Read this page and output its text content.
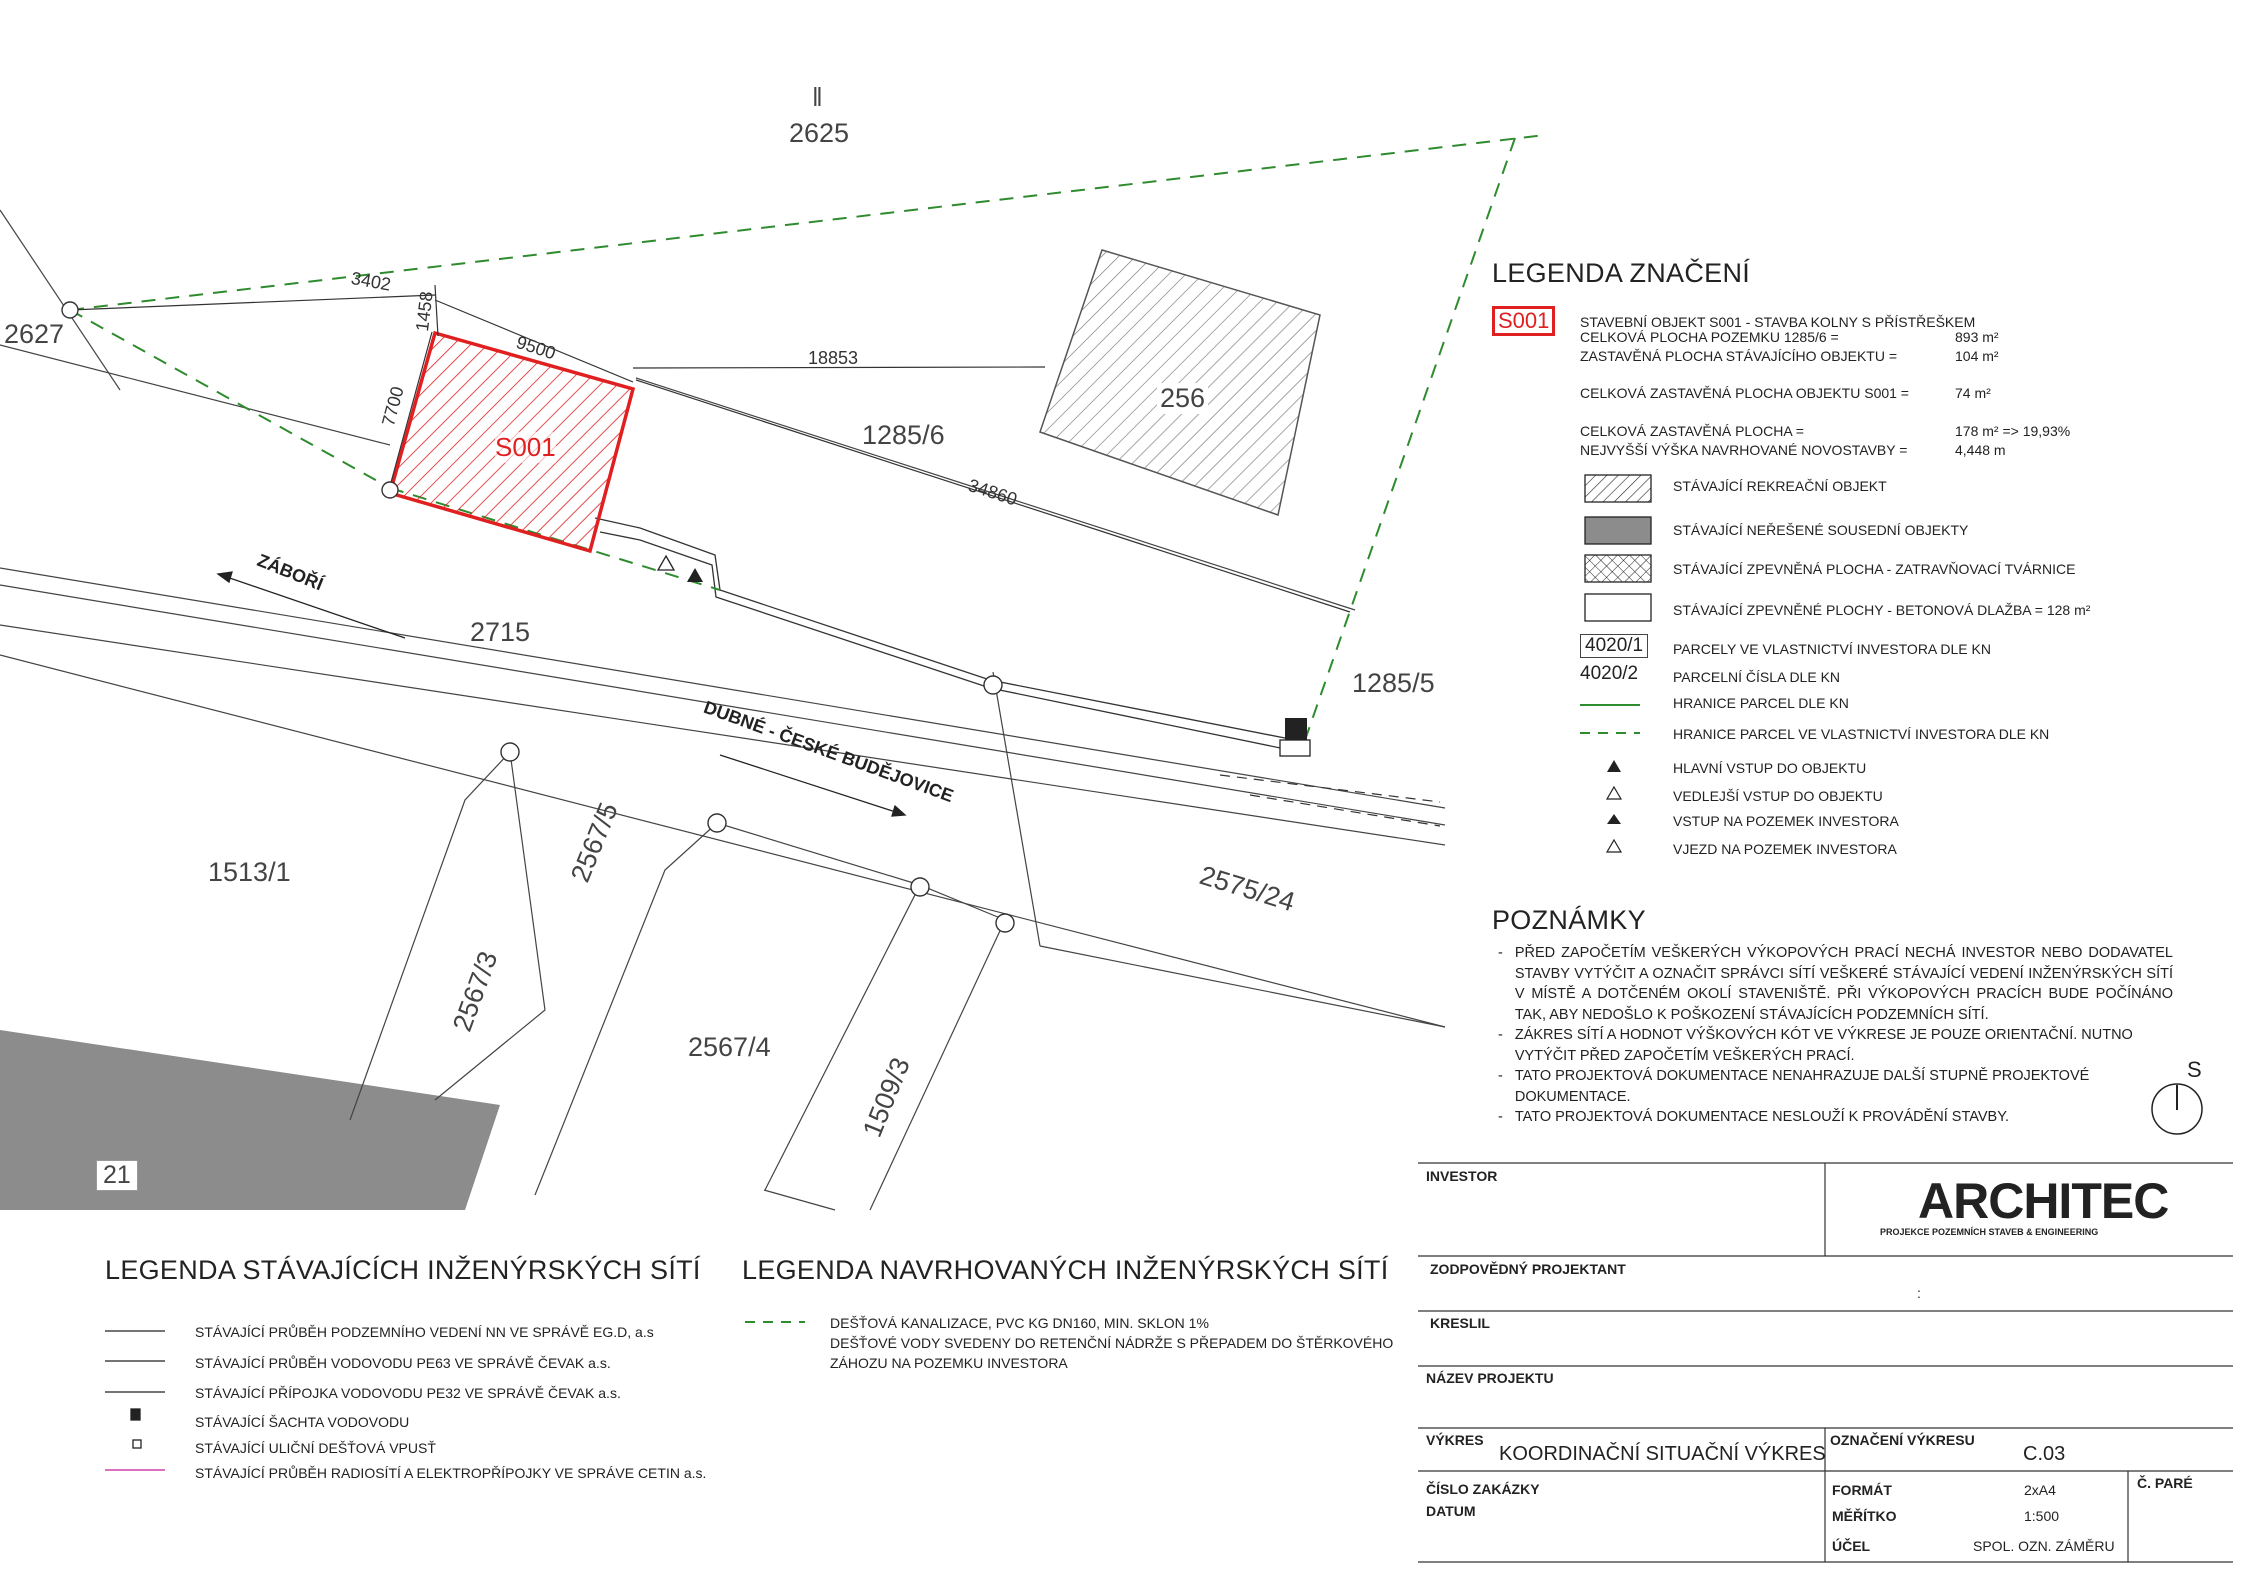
ǁ
2625
2627
256
1285/6
2715
1285/5
1513/1	2567/5
2567/3
2575/24
2567/4
1509/3
21
S001
3402
1458
9500	18853
7700
34860
ZÁBOŘÍ
DUBNÉ - ČESKÉ BUDĚJOVICE
S
LEGENDA ZNAČENÍ
S001	STAVEBNÍ OBJEKT S001 - STAVBA KOLNY S PŘÍSTŘEŠKEM
CELKOVÁ PLOCHA POZEMKU 1285/6 =	893 m²
ZASTAVĚNÁ PLOCHA STÁVAJÍCÍHO OBJEKTU =	104 m²
CELKOVÁ ZASTAVĚNÁ PLOCHA OBJEKTU S001 =	74 m²
CELKOVÁ ZASTAVĚNÁ PLOCHA =	178 m² => 19,93%
NEJVYŠŠÍ VÝŠKA NAVRHOVANÉ NOVOSTAVBY =	4,448 m
STÁVAJÍCÍ REKREAČNÍ OBJEKT
STÁVAJÍCÍ NEŘEŠENÉ SOUSEDNÍ OBJEKTY
STÁVAJÍCÍ ZPEVNĚNÁ PLOCHA - ZATRAVŇOVACÍ TVÁRNICE
STÁVAJÍCÍ ZPEVNĚNÉ PLOCHY - BETONOVÁ DLAŽBA = 128 m²
4020/1	PARCELY VE VLASTNICTVÍ INVESTORA DLE KN
4020/2 PARCELNÍ ČÍSLA DLE KN
HRANICE PARCEL DLE KN
HRANICE PARCEL VE VLASTNICTVÍ INVESTORA DLE KN
HLAVNÍ VSTUP DO OBJEKTU
VEDLEJŠÍ VSTUP DO OBJEKTU
VSTUP NA POZEMEK INVESTORA
VJEZD NA POZEMEK INVESTORA
POZNÁMKY
- PŘED ZAPOČETÍM VEŠKERÝCH VÝKOPOVÝCH PRACÍ NECHÁ INVESTOR NEBO DODAVATEL STAVBY VYTÝČIT A OZNAČIT SPRÁVCI SÍTÍ VEŠKERÉ STÁVAJÍCÍ VEDENÍ INŽENÝRSKÝCH SÍTÍ V MÍSTĚ A DOTČENÉM OKOLÍ STAVENIŠTĚ. PŘI VÝKOPOVÝCH PRACÍCH BUDE POČÍNÁNO TAK, ABY NEDOŠLO K POŠKOZENÍ STÁVAJÍCÍCH PODZEMNÍCH SÍTÍ.
- ZÁKRES SÍTÍ A HODNOT VÝŠKOVÝCH KÓT VE VÝKRESE JE POUZE ORIENTAČNÍ. NUTNO VYTÝČIT PŘED ZAPOČETÍM VEŠKERÝCH PRACÍ.
- TATO PROJEKTOVÁ DOKUMENTACE NENAHRAZUJE DALŠÍ STUPNĚ PROJEKTOVÉ DOKUMENTACE.
- TATO PROJEKTOVÁ DOKUMENTACE NESLOUŽÍ K PROVÁDĚNÍ STAVBY.
LEGENDA STÁVAJÍCÍCH INŽENÝRSKÝCH SÍTÍ
STÁVAJÍCÍ PRŮBĚH PODZEMNÍHO VEDENÍ NN VE SPRÁVĚ EG.D, a.s
STÁVAJÍCÍ PRŮBĚH VODOVODU PE63 VE SPRÁVĚ ČEVAK a.s.
STÁVAJÍCÍ PŘÍPOJKA VODOVODU PE32 VE SPRÁVĚ ČEVAK a.s.
STÁVAJÍCÍ ŠACHTA VODOVODU
STÁVAJÍCÍ ULIČNÍ DEŠŤOVÁ VPUSŤ
STÁVAJÍCÍ PRŮBĚH RADIOSÍTÍ A ELEKTROPŘÍPOJKY VE SPRÁVE CETIN a.s.
LEGENDA NAVRHOVANÝCH INŽENÝRSKÝCH SÍTÍ
DEŠŤOVÁ KANALIZACE, PVC KG DN160, MIN. SKLON 1%
DEŠŤOVÉ VODY SVEDENY DO RETENČNÍ NÁDRŽE S PŘEPADEM DO ŠTĚRKOVÉHO
ZÁHOZU NA POZEMKU INVESTORA
INVESTOR	ARCHITEC
PROJEKCE POZEMNÍCH STAVEB & ENGINEERING
ZODPOVĚDNÝ PROJEKTANT
:
KRESLIL
NÁZEV PROJEKTU
VÝKRES
KOORDINAČNÍ SITUAČNÍ VÝKRES
OZNAČENÍ VÝKRESU
C.03
ČÍSLO ZAKÁZKY
DATUM
FORMÁT	2xA4
MĚŘÍTKO	1:500
ÚČEL	SPOL. OZN. ZÁMĚRU
Č. PARÉ
